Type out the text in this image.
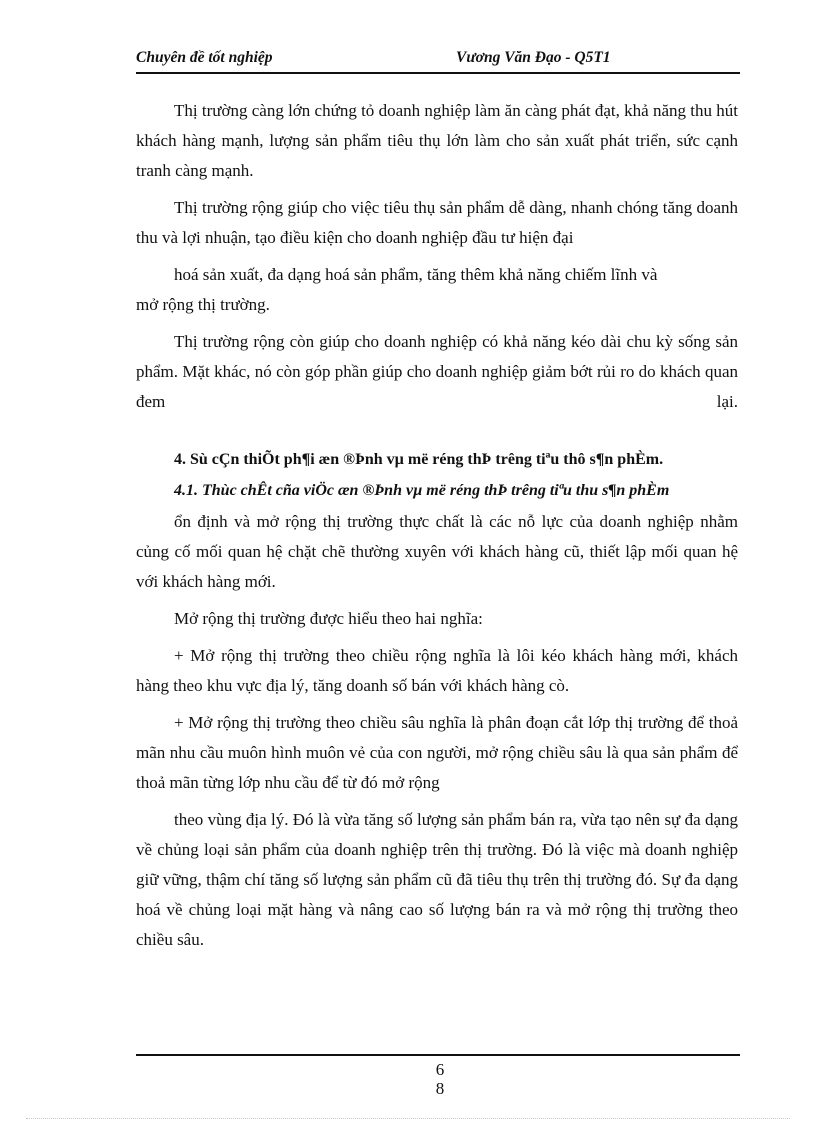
Chuyên đề tốt nghiệp	Vương Văn Đạo - Q5T1

Thị trường càng lớn chứng tỏ doanh nghiệp làm ăn càng phát đạt, khả năng thu hút khách hàng mạnh, lượng sản phẩm tiêu thụ lớn làm cho sản xuất phát triển, sức cạnh tranh càng mạnh.

Thị trường rộng giúp cho việc tiêu thụ sản phẩm dễ dàng, nhanh chóng tăng doanh thu và lợi nhuận, tạo điều kiện cho doanh nghiệp đầu tư hiện đại

hoá sản xuất, đa dạng hoá sản phẩm, tăng thêm khả năng chiếm lĩnh và

mở rộng thị trường.

Thị trường rộng còn giúp cho doanh nghiệp có khả năng kéo dài chu kỳ sống sản phẩm. Mặt khác, nó còn góp phần giúp cho doanh nghiệp giảm bớt rủi ro do khách quan đem lại.

4. Sù cÇn thiÕt ph¶i æn ®Þnh vµ më réng thÞ trêng tiªu thô s¶n phÈm.

4.1. Thùc chÊt cña viÖc æn ®Þnh vµ më réng thÞ trêng tiªu thu s¶n phÈm

ổn định và mở rộng thị trường thực chất là các nỗ lực của doanh nghiệp nhằm củng cố mối quan hệ chặt chẽ thường xuyên với khách hàng cũ, thiết lập mối quan hệ với khách hàng mới.

Mở rộng thị trường được hiểu theo hai nghĩa:

+ Mở rộng thị trường theo chiều rộng nghĩa là lôi kéo khách hàng mới, khách hàng theo khu vực địa lý, tăng doanh số bán với khách hàng cò.

+ Mở rộng thị trường theo chiều sâu nghĩa là phân đoạn cắt lớp thị trường để thoả mãn nhu cầu muôn hình muôn vẻ của con người, mở rộng chiều sâu là qua sản phẩm để thoả mãn từng lớp nhu cầu để từ đó mở rộng

theo vùng địa lý. Đó là vừa tăng số lượng sản phẩm bán ra, vừa tạo nên sự đa dạng về chủng loại sản phẩm của doanh nghiệp trên thị trường. Đó là việc mà doanh nghiệp giữ vững, thậm chí tăng số lượng sản phẩm cũ đã tiêu thụ trên thị trường đó. Sự đa dạng hoá về chủng loại mặt hàng và nâng cao số lượng bán ra và mở rộng thị trường theo chiều sâu.

6
8
